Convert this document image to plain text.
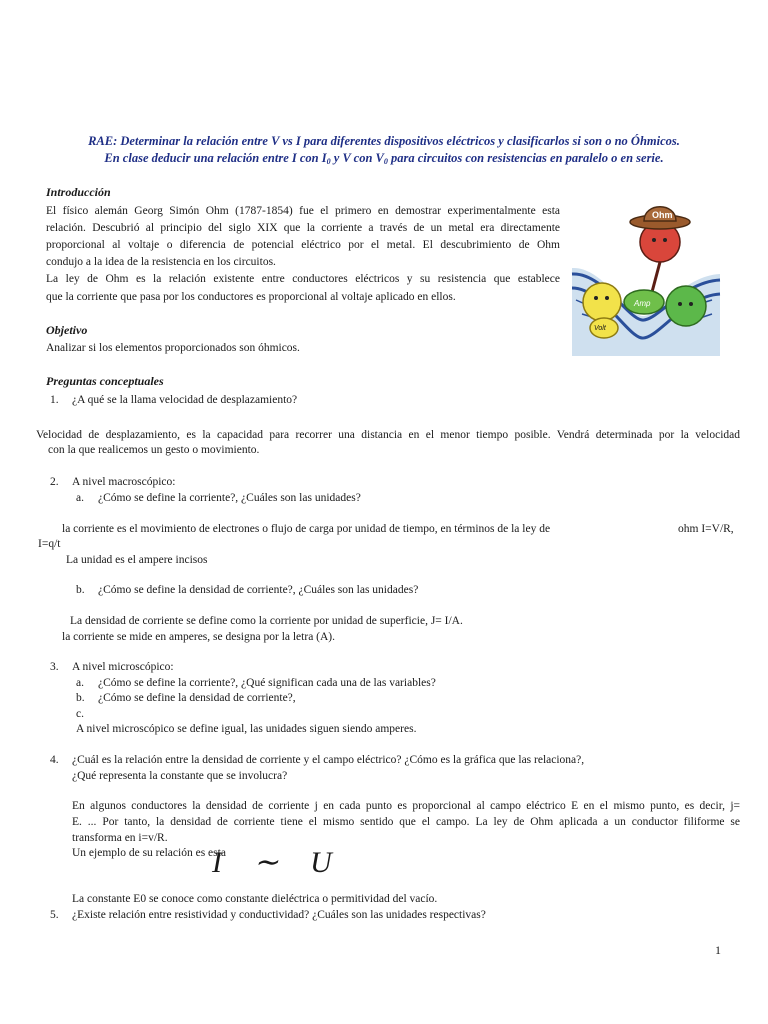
RAE: Determinar la relación entre V vs I para diferentes dispositivos eléctricos y clasificarlos si son o no Óhmicos.
En clase deducir una relación entre I con I0 y V con V0 para circuitos con resistencias en paralelo o en serie.
Introducción
El físico alemán Georg Simón Ohm (1787-1854) fue el primero en demostrar experimentalmente esta
relación. Descubrió al principio del siglo XIX que la corriente a través de un metal era directamente
proporcional al voltaje o diferencia de potencial eléctrico por el metal. El descubrimiento de Ohm
condujo a la idea de la resistencia en los circuitos.
La ley de Ohm es la relación existente entre conductores eléctricos y su resistencia que establece
que la corriente que pasa por los conductores es proporcional al voltaje aplicado en ellos.
Ohm
Amp
Volt
Objetivo
Analizar si los elementos proporcionados son óhmicos.
Preguntas conceptuales
1. ¿A qué se la llama velocidad de desplazamiento?
Velocidad de desplazamiento, es la capacidad para recorrer una distancia en el menor tiempo posible. Vendrá determinada por la velocidad
con la que realicemos un gesto o movimiento.
2. A nivel macroscópico:
a. ¿Cómo se define la corriente?, ¿Cuáles son las unidades?
la corriente es el movimiento de electrones o flujo de carga por unidad de tiempo, en términos de la ley de	ohm I=V/R,
I=q/t
La unidad es el ampere incisos
b. ¿Cómo se define la densidad de corriente?, ¿Cuáles son las unidades?
La densidad de corriente se define como la corriente por unidad de superficie, J= I/A.
la corriente se mide en amperes, se designa por la letra (A).
3. A nivel microscópico:
a. ¿Cómo se define la corriente?, ¿Qué significan cada una de las variables?
b. ¿Cómo se define la densidad de corriente?,
c.
A nivel microscópico se define igual, las unidades siguen siendo amperes.
4. ¿Cuál es la relación entre la densidad de corriente y el campo eléctrico? ¿Cómo es la gráfica que las relaciona?,
¿Qué representa la constante que se involucra?
En algunos conductores la densidad de corriente j en cada punto es proporcional al campo eléctrico E en el mismo punto, es decir, j=
E. ... Por tanto, la densidad de corriente tiene el mismo sentido que el campo. La ley de Ohm aplicada a un conductor filiforme se
transforma en i=v/R.
Un ejemplo de su relación es esta
I ∼ U
La constante E0 se conoce como constante dieléctrica o permitividad del vacío.
5. ¿Existe relación entre resistividad y conductividad? ¿Cuáles son las unidades respectivas?
1
